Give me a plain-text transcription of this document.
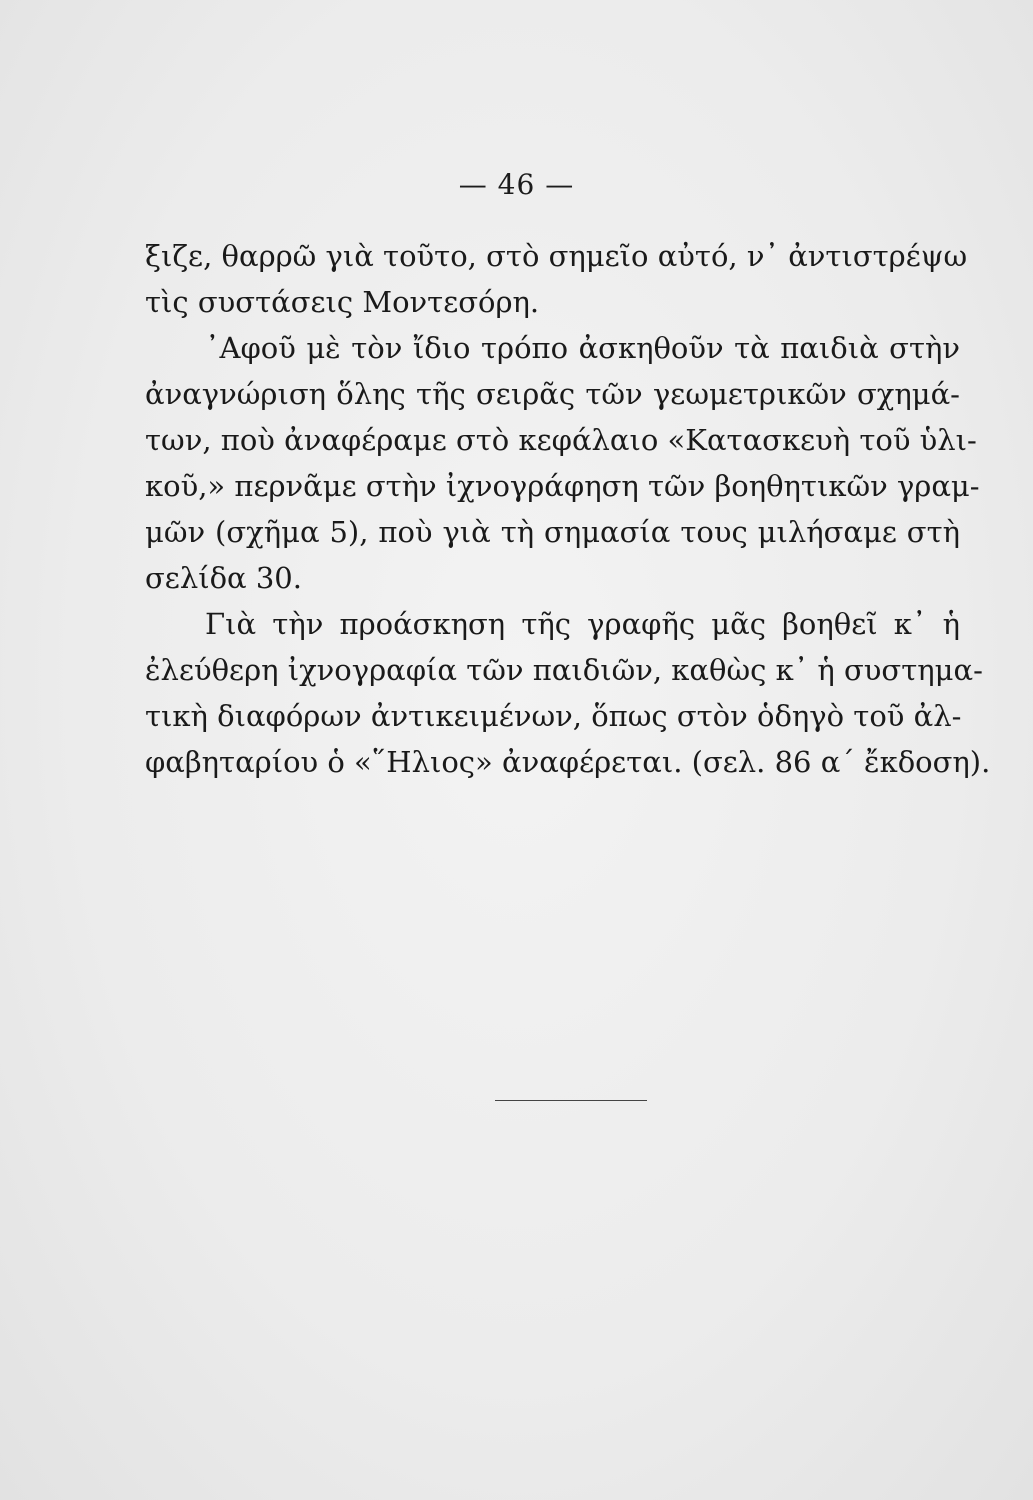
— 46 —
ξιζε, θαρρῶ γιὰ τοῦτο, στὸ σημεῖο αὐτό, ν᾽ ἀντιστρέψω
τὶς συστάσεις Μοντεσόρη.
᾿Αφοῦ μὲ τὸν ἴδιο τρόπο ἀσκηθοῦν τὰ παιδιὰ στὴν
ἀναγνώριση ὅλης τῆς σειρᾶς τῶν γεωμετρικῶν σχημά-
των, ποὺ ἀναφέραμε στὸ κεφάλαιο «Κατασκευὴ τοῦ ὑλι-
κοῦ,» περνᾶμε στὴν ἰχνογράφηση τῶν βοηθητικῶν γραμ-
μῶν (σχῆμα 5), ποὺ γιὰ τὴ σημασία τους μιλήσαμε στὴ
σελίδα 30.
Γιὰ τὴν προάσκηση τῆς γραφῆς μᾶς βοηθεῖ κ᾽ ἡ
ἐλεύθερη ἰχνογραφία τῶν παιδιῶν, καθὼς κ᾽ ἡ συστημα-
τικὴ διαφόρων ἀντικειμένων, ὅπως στὸν ὁδηγὸ τοῦ ἀλ-
φαβηταρίου ὁ «῞Ηλιος» ἀναφέρεται. (σελ. 86 α´ ἔκδοση).
